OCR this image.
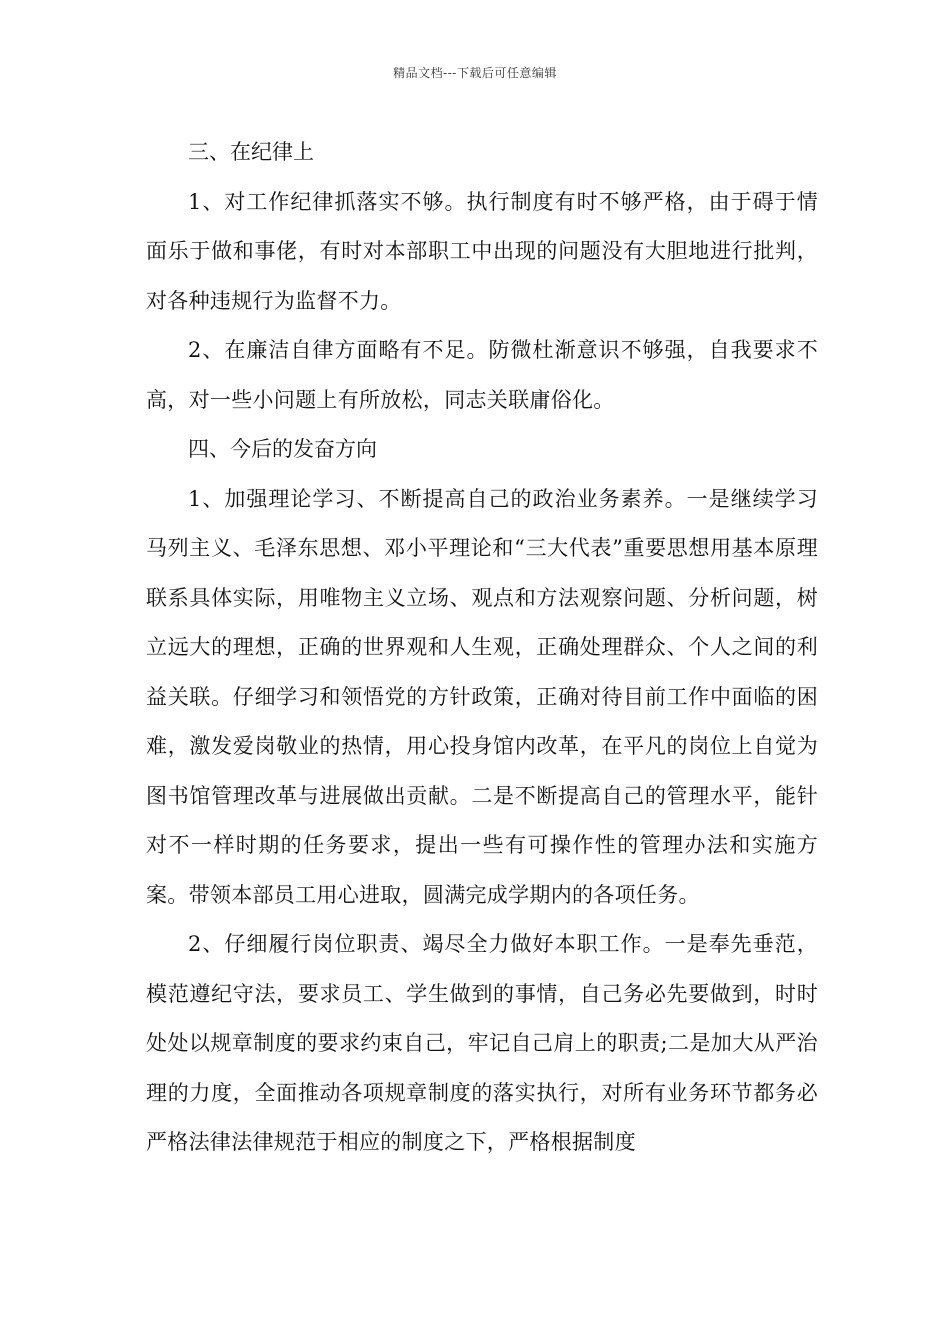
精品文档---下载后可任意编辑

三、在纪律上

1、对工作纪律抓落实不够。执行制度有时不够严格，由于碍于情面乐于做和事佬，有时对本部职工中出现的问题没有大胆地进行批判，对各种违规行为监督不力。

2、在廉洁自律方面略有不足。防微杜渐意识不够强，自我要求不高，对一些小问题上有所放松，同志关联庸俗化。

四、今后的发奋方向

1、加强理论学习、不断提高自己的政治业务素养。一是继续学习马列主义、毛泽东思想、邓小平理论和“三大代表”重要思想用基本原理联系具体实际，用唯物主义立场、观点和方法观察问题、分析问题，树立远大的理想，正确的世界观和人生观，正确处理群众、个人之间的利益关联。仔细学习和领悟党的方针政策，正确对待目前工作中面临的困难，激发爱岗敬业的热情，用心投身馆内改革，在平凡的岗位上自觉为图书馆管理改革与进展做出贡献。二是不断提高自己的管理水平，能针对不一样时期的任务要求，提出一些有可操作性的管理办法和实施方案。带领本部员工用心进取，圆满完成学期内的各项任务。

2、仔细履行岗位职责、竭尽全力做好本职工作。一是奉先垂范，模范遵纪守法，要求员工、学生做到的事情，自己务必先要做到，时时处处以规章制度的要求约束自己，牢记自己肩上的职责;二是加大从严治理的力度，全面推动各项规章制度的落实执行，对所有业务环节都务必严格法律法律规范于相应的制度之下，严格根据制度
